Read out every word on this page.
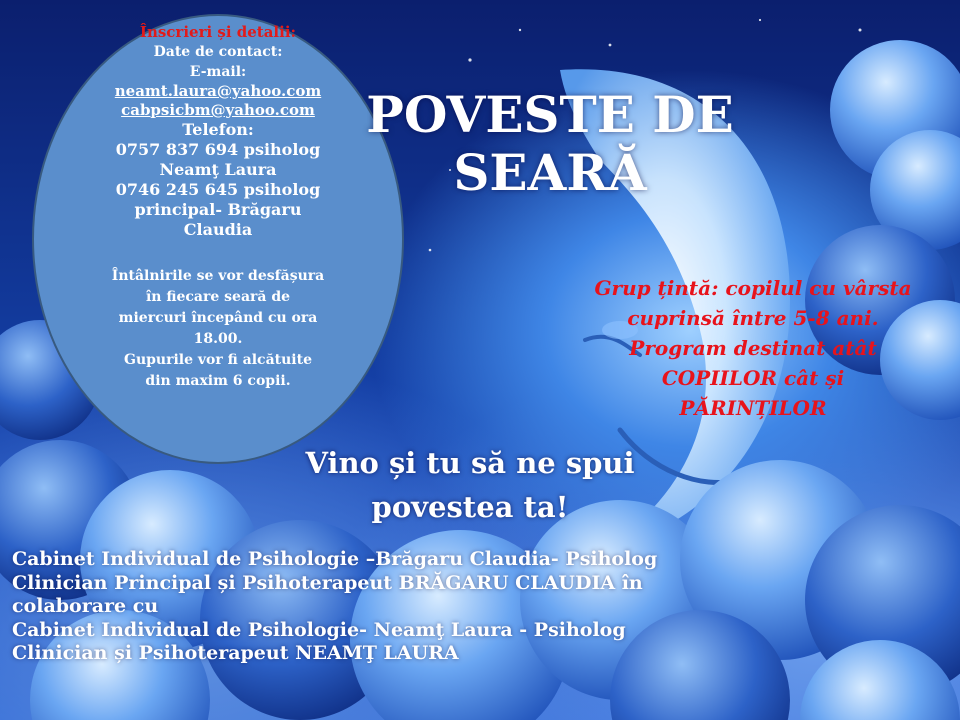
Înscrieri și detalii:
Date de contact:
E-mail:
neamt.laura@yahoo.com
cabpsicbm@yahoo.com
Telefon:
0757 837 694 psiholog
Neamţ Laura
0746 245 645 psiholog
principal- Brăgaru
Claudia
Întâlnirile se vor desfășura
în fiecare seară de
miercuri începând cu ora
18.00.
Gupurile vor fi alcătuite
din maxim 6 copii.
POVESTE DE
SEARĂ
Grup țintă: copilul cu vârsta
cuprinsă între 5-8 ani.
Program destinat atât
COPIILOR cât și
PĂRINȚILOR
Vino și tu să ne spui
povestea ta!
Cabinet Individual de Psihologie –Brăgaru Claudia- Psiholog
Clinician Principal și Psihoterapeut BRĂGARU CLAUDIA în
colaborare cu
Cabinet Individual de Psihologie- Neamţ Laura - Psiholog
Clinician și Psihoterapeut NEAMŢ LAURA
